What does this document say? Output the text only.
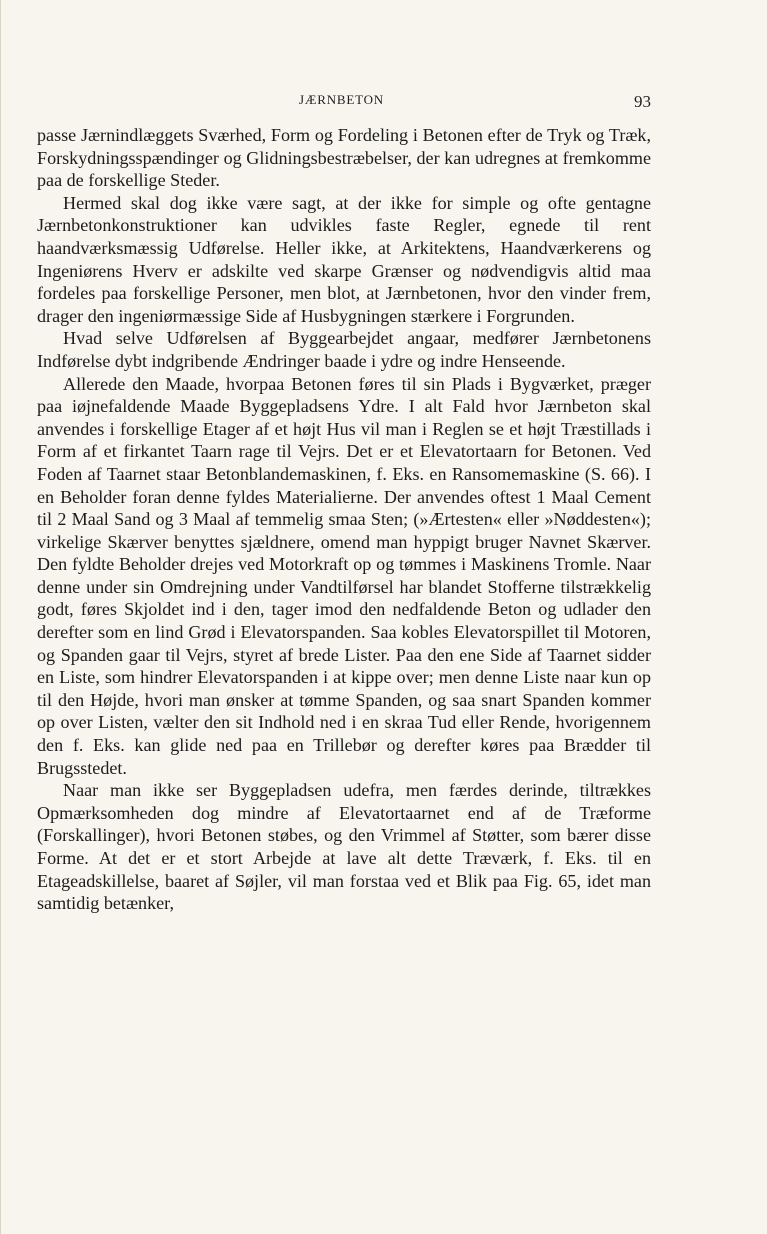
JÆRNBETON	93

passe Jærnindlæggets Sværhed, Form og Fordeling i Betonen efter de Tryk og Træk, Forskydningsspændinger og Glidningsbestræbelser, der kan udregnes at fremkomme paa de forskellige Steder.

Hermed skal dog ikke være sagt, at der ikke for simple og ofte gentagne Jærnbetonkonstruktioner kan udvikles faste Regler, egnede til rent haandværksmæssig Udførelse. Heller ikke, at Arkitektens, Haandværkerens og Ingeniørens Hverv er adskilte ved skarpe Grænser og nødvendigvis altid maa fordeles paa forskellige Personer, men blot, at Jærnbetonen, hvor den vinder frem, drager den ingeniørmæssige Side af Husbygningen stærkere i Forgrunden.

Hvad selve Udførelsen af Byggearbejdet angaar, medfører Jærnbetonens Indførelse dybt indgribende Ændringer baade i ydre og indre Henseende.

Allerede den Maade, hvorpaa Betonen føres til sin Plads i Bygværket, præger paa iøjnefaldende Maade Byggepladsens Ydre. I alt Fald hvor Jærnbeton skal anvendes i forskellige Etager af et højt Hus vil man i Reglen se et højt Træstillads i Form af et firkantet Taarn rage til Vejrs. Det er et Elevatortaarn for Betonen. Ved Foden af Taarnet staar Betonblandemaskinen, f. Eks. en Ransomemaskine (S. 66). I en Beholder foran denne fyldes Materialierne. Der anvendes oftest 1 Maal Cement til 2 Maal Sand og 3 Maal af temmelig smaa Sten; (»Ærtesten« eller »Nøddesten«); virkelige Skærver benyttes sjældnere, omend man hyppigt bruger Navnet Skærver. Den fyldte Beholder drejes ved Motorkraft op og tømmes i Maskinens Tromle. Naar denne under sin Omdrejning under Vandtilførsel har blandet Stofferne tilstrækkelig godt, føres Skjoldet ind i den, tager imod den nedfaldende Beton og udlader den derefter som en lind Grød i Elevatorspanden. Saa kobles Elevatorspillet til Motoren, og Spanden gaar til Vejrs, styret af brede Lister. Paa den ene Side af Taarnet sidder en Liste, som hindrer Elevatorspanden i at kippe over; men denne Liste naar kun op til den Højde, hvori man ønsker at tømme Spanden, og saa snart Spanden kommer op over Listen, vælter den sit Indhold ned i en skraa Tud eller Rende, hvorigennem den f. Eks. kan glide ned paa en Trillebør og derefter køres paa Brædder til Brugsstedet.

Naar man ikke ser Byggepladsen udefra, men færdes derinde, tiltrækkes Opmærksomheden dog mindre af Elevatortaarnet end af de Træforme (Forskallinger), hvori Betonen støbes, og den Vrimmel af Støtter, som bærer disse Forme. At det er et stort Arbejde at lave alt dette Træværk, f. Eks. til en Etageadskillelse, baaret af Søjler, vil man forstaa ved et Blik paa Fig. 65, idet man samtidig betænker,
